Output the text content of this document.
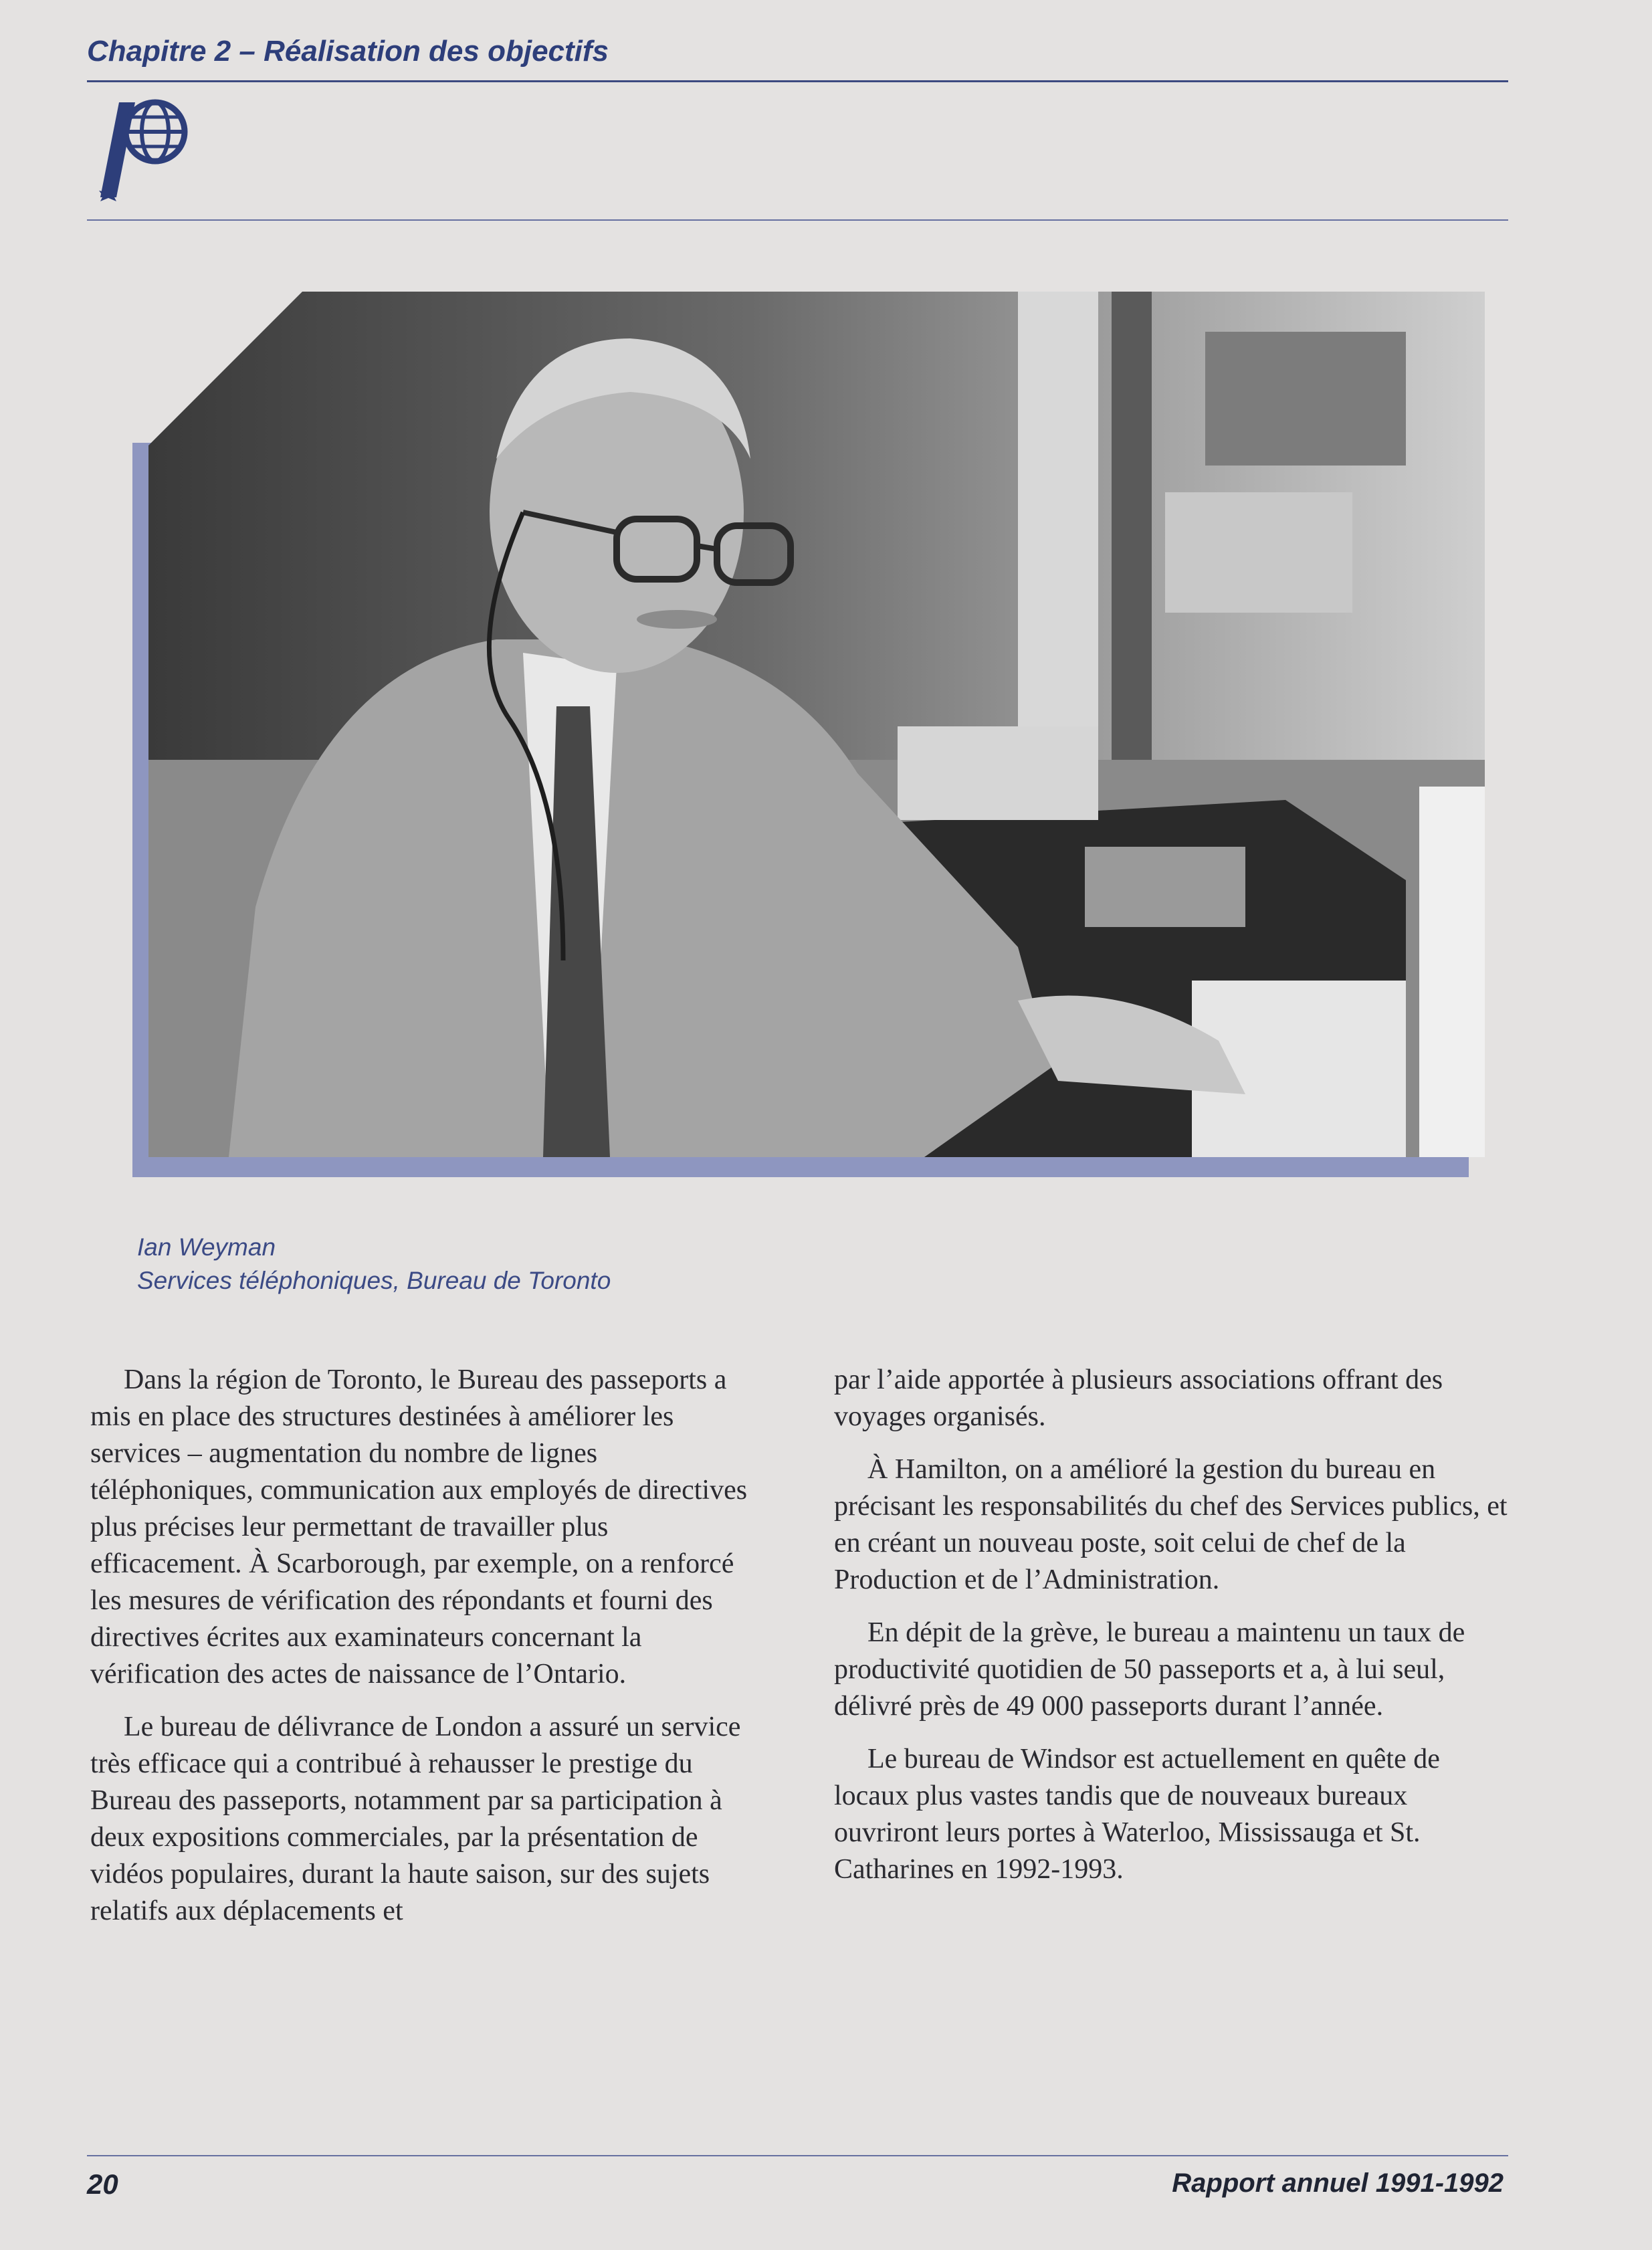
Chapitre 2 – Réalisation des objectifs
Ian Weyman
Services téléphoniques, Bureau de Toronto

Dans la région de Toronto, le Bureau des passeports a mis en place des structures destinées à améliorer les services – augmentation du nombre de lignes téléphoniques, communication aux employés de directives plus précises leur permettant de travailler plus efficacement. À Scarborough, par exemple, on a renforcé les mesures de vérification des répondants et fourni des directives écrites aux examinateurs concernant la vérification des actes de naissance de l’Ontario.

Le bureau de délivrance de London a assuré un service très efficace qui a contribué à rehausser le prestige du Bureau des passeports, notamment par sa participation à deux expositions commerciales, par la présentation de vidéos populaires, durant la haute saison, sur des sujets relatifs aux déplacements et

par l’aide apportée à plusieurs associations offrant des voyages organisés.

À Hamilton, on a amélioré la gestion du bureau en précisant les responsabilités du chef des Services publics, et en créant un nouveau poste, soit celui de chef de la Production et de l’Administration.

En dépit de la grève, le bureau a maintenu un taux de productivité quotidien de 50 passeports et a, à lui seul, délivré près de 49 000 passeports durant l’année.

Le bureau de Windsor est actuellement en quête de locaux plus vastes tandis que de nouveaux bureaux ouvriront leurs portes à Waterloo, Mississauga et St. Catharines en 1992-1993.

20	Rapport annuel 1991-1992
